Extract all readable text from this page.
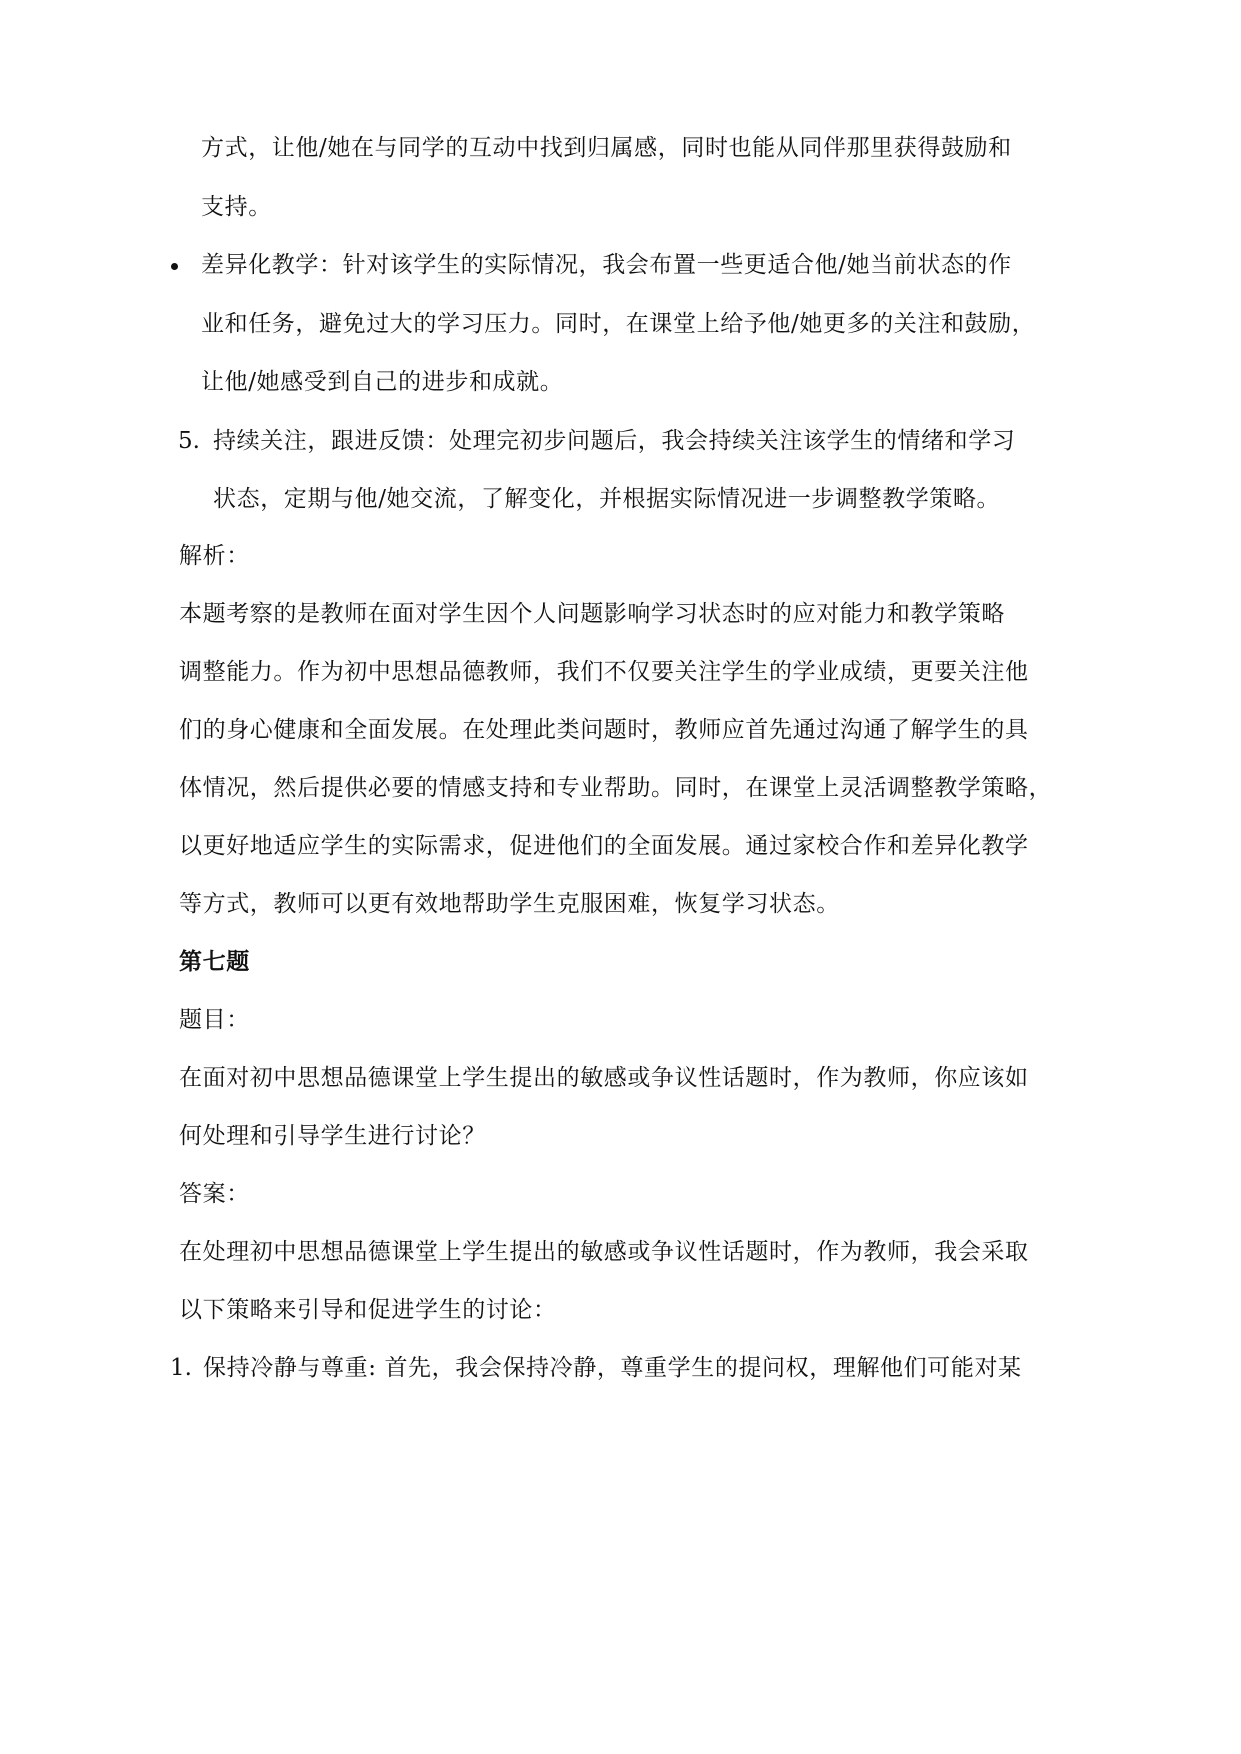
方式，让他/她在与同学的互动中找到归属感，同时也能从同伴那里获得鼓励和
支持。
差异化教学：针对该学生的实际情况，我会布置一些更适合他/她当前状态的作
业和任务，避免过大的学习压力。同时，在课堂上给予他/她更多的关注和鼓励，
让他/她感受到自己的进步和成就。
5. 持续关注，跟进反馈：处理完初步问题后，我会持续关注该学生的情绪和学习
状态，定期与他/她交流，了解变化，并根据实际情况进一步调整教学策略。
解析：
本题考察的是教师在面对学生因个人问题影响学习状态时的应对能力和教学策略
调整能力。作为初中思想品德教师，我们不仅要关注学生的学业成绩，更要关注他
们的身心健康和全面发展。在处理此类问题时，教师应首先通过沟通了解学生的具
体情况，然后提供必要的情感支持和专业帮助。同时，在课堂上灵活调整教学策略，
以更好地适应学生的实际需求，促进他们的全面发展。通过家校合作和差异化教学
等方式，教师可以更有效地帮助学生克服困难，恢复学习状态。
第七题
题目：
在面对初中思想品德课堂上学生提出的敏感或争议性话题时，作为教师，你应该如
何处理和引导学生进行讨论？
答案：
在处理初中思想品德课堂上学生提出的敏感或争议性话题时，作为教师，我会采取
以下策略来引导和促进学生的讨论：
1. 保持冷静与尊重: 首先，我会保持冷静，尊重学生的提问权，理解他们可能对某
